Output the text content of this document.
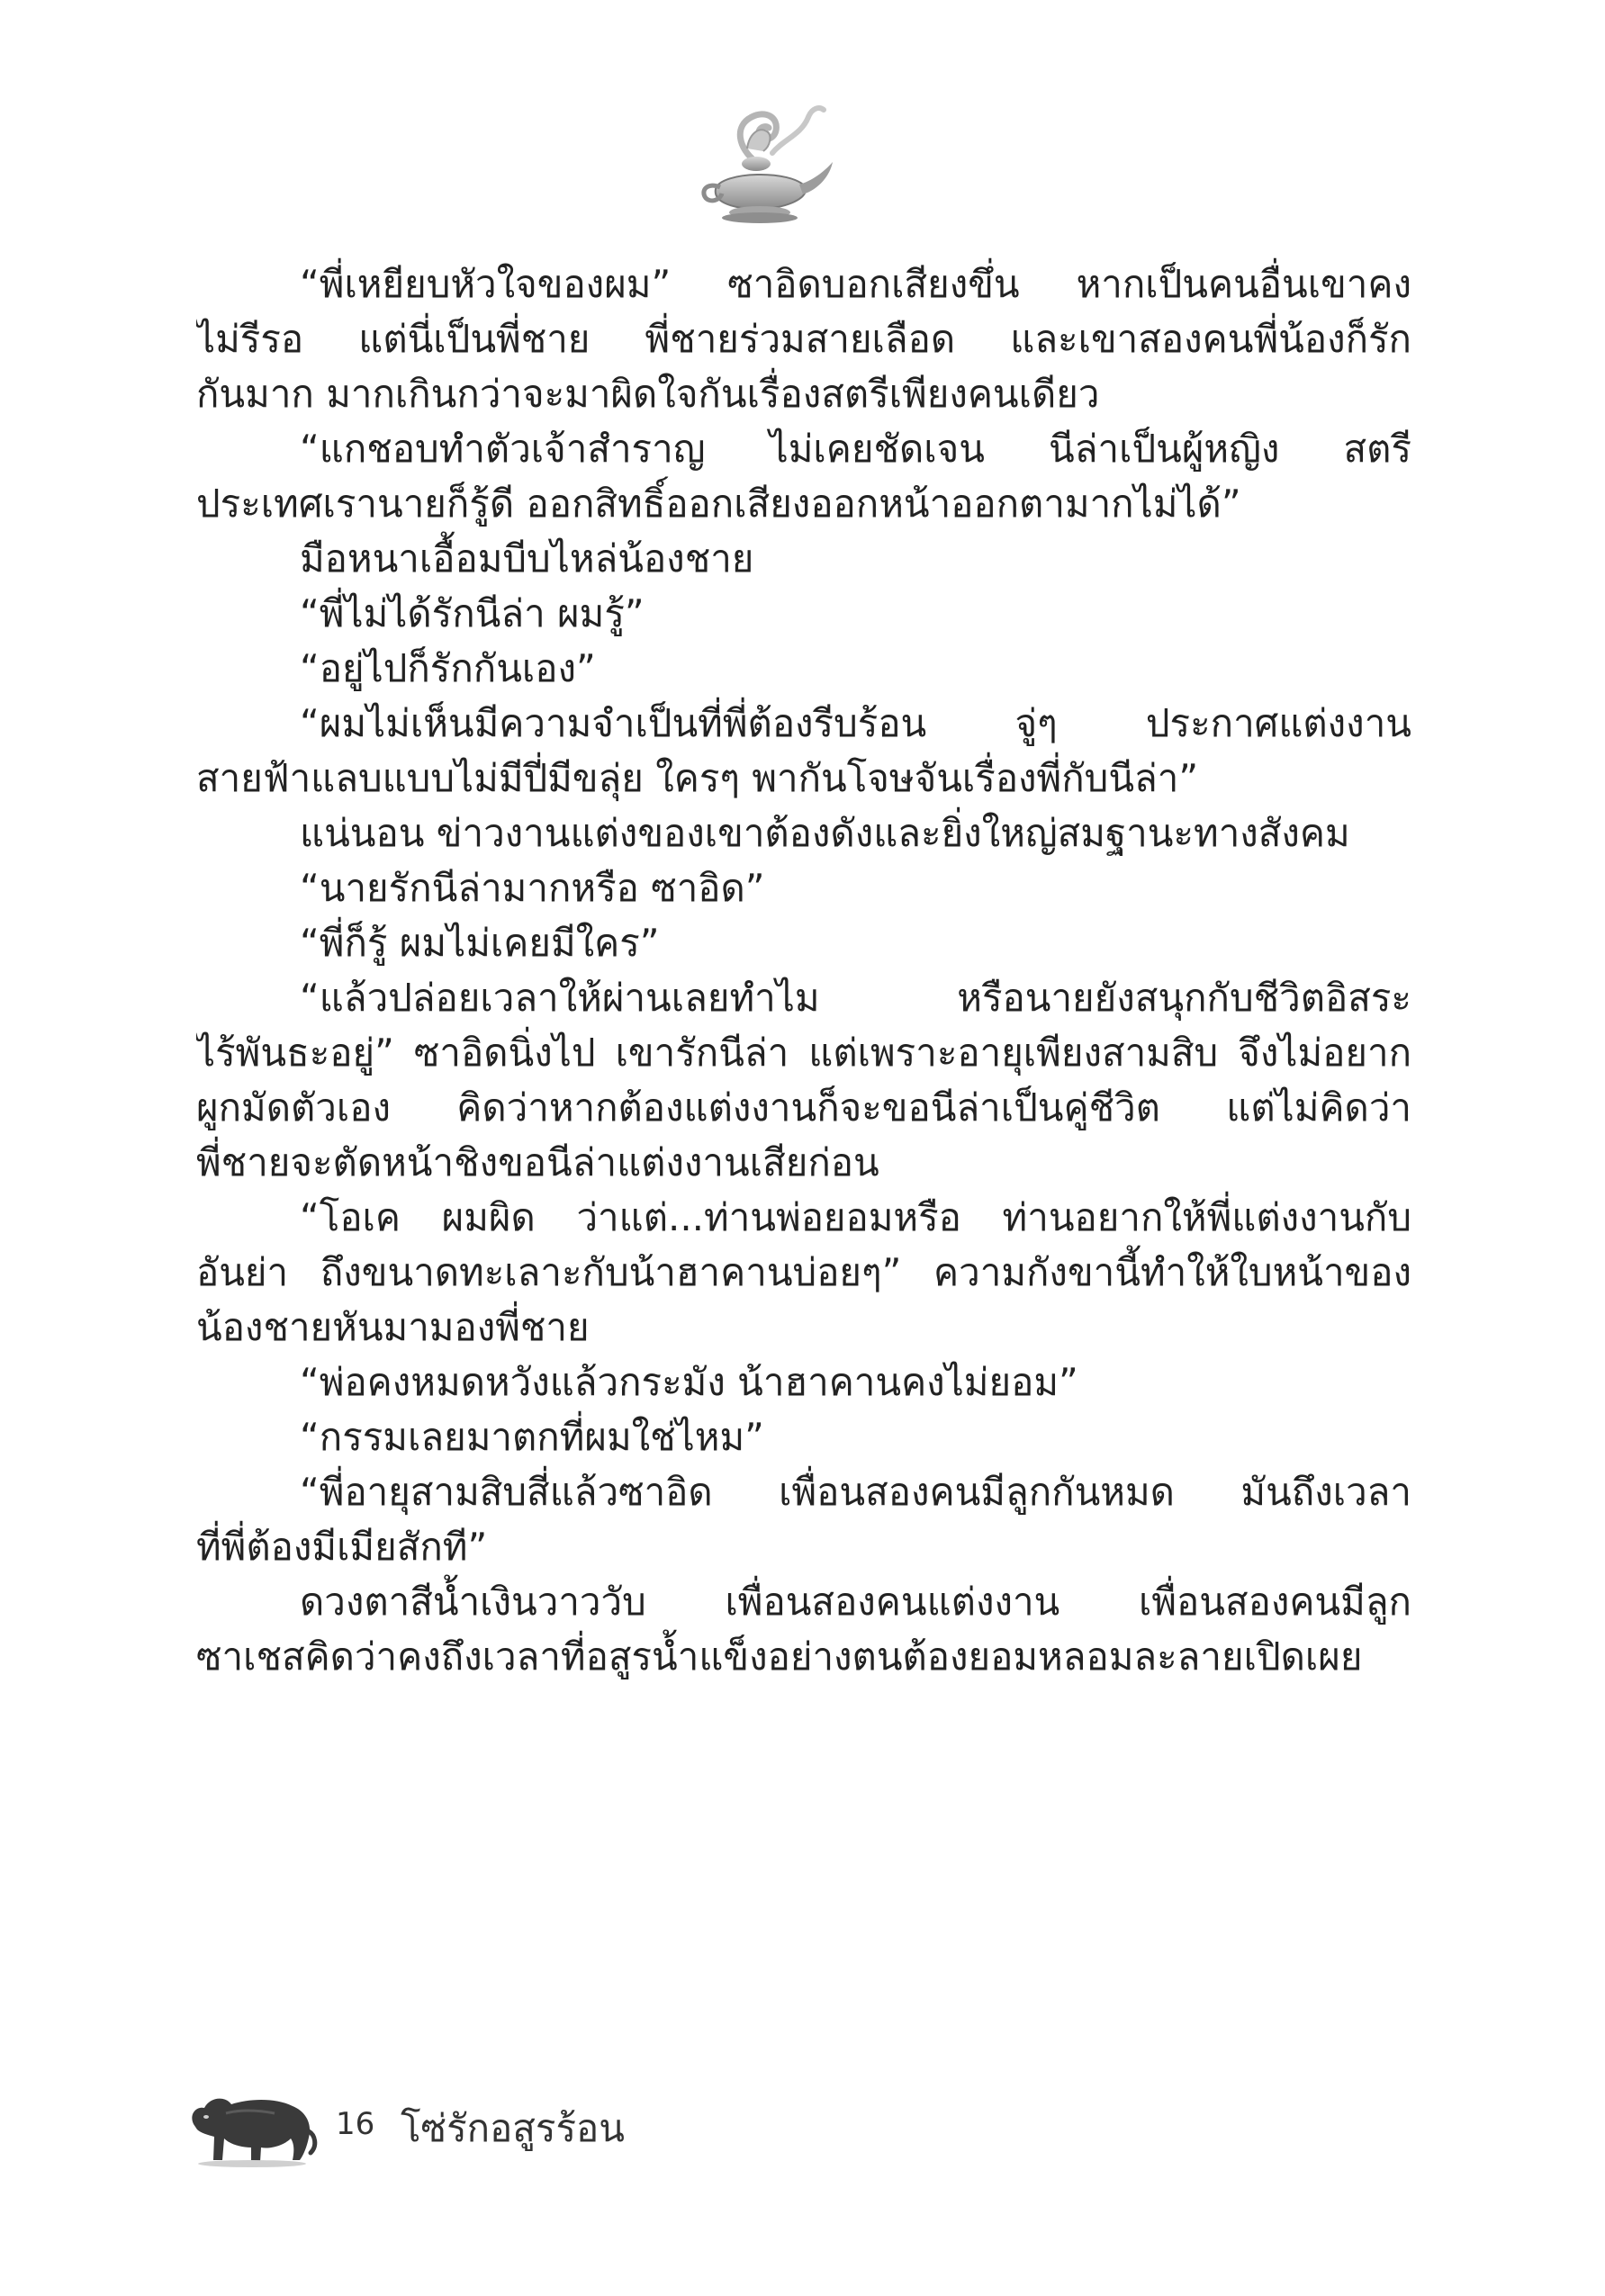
“พี่เหยียบหัวใจของผม” ซาอิดบอกเสียงขึ่น หากเป็นคนอื่นเขาคง
ไม่รีรอ แต่นี่เป็นพี่ชาย พี่ชายร่วมสายเลือด และเขาสองคนพี่น้องก็รัก
กันมาก มากเกินกว่าจะมาผิดใจกันเรื่องสตรีเพียงคนเดียว
“แกชอบทำตัวเจ้าสำราญ ไม่เคยชัดเจน นีล่าเป็นผู้หญิง สตรี
ประเทศเรานายก็รู้ดี ออกสิทธิ์ออกเสียงออกหน้าออกตามากไม่ได้”
มือหนาเอื้อมบีบไหล่น้องชาย
“พี่ไม่ได้รักนีล่า ผมรู้”
“อยู่ไปก็รักกันเอง”
“ผมไม่เห็นมีความจำเป็นที่พี่ต้องรีบร้อน จู่ๆ ประกาศแต่งงาน
สายฟ้าแลบแบบไม่มีปี่มีขลุ่ย ใครๆ พากันโจษจันเรื่องพี่กับนีล่า”
แน่นอน ข่าวงานแต่งของเขาต้องดังและยิ่งใหญ่สมฐานะทางสังคม
“นายรักนีล่ามากหรือ ซาอิด”
“พี่ก็รู้ ผมไม่เคยมีใคร”
“แล้วปล่อยเวลาให้ผ่านเลยทำไม หรือนายยังสนุกกับชีวิตอิสระ
ไร้พันธะอยู่” ซาอิดนิ่งไป เขารักนีล่า แต่เพราะอายุเพียงสามสิบ จึงไม่อยาก
ผูกมัดตัวเอง คิดว่าหากต้องแต่งงานก็จะขอนีล่าเป็นคู่ชีวิต แต่ไม่คิดว่า
พี่ชายจะตัดหน้าชิงขอนีล่าแต่งงานเสียก่อน
“โอเค ผมผิด ว่าแต่...ท่านพ่อยอมหรือ ท่านอยากให้พี่แต่งงานกับ
อันย่า ถึงขนาดทะเลาะกับน้าฮาคานบ่อยๆ” ความกังขานี้ทำให้ใบหน้าของ
น้องชายหันมามองพี่ชาย
“พ่อคงหมดหวังแล้วกระมัง น้าฮาคานคงไม่ยอม”
“กรรมเลยมาตกที่ผมใช่ไหม”
“พี่อายุสามสิบสี่แล้วซาอิด เพื่อนสองคนมีลูกกันหมด มันถึงเวลา
ที่พี่ต้องมีเมียสักที”
ดวงตาสีน้ำเงินวาววับ เพื่อนสองคนแต่งงาน เพื่อนสองคนมีลูก
ซาเชสคิดว่าคงถึงเวลาที่อสูรน้ำแข็งอย่างตนต้องยอมหลอมละลายเปิดเผย
16 โซ่รักอสูรร้อน
